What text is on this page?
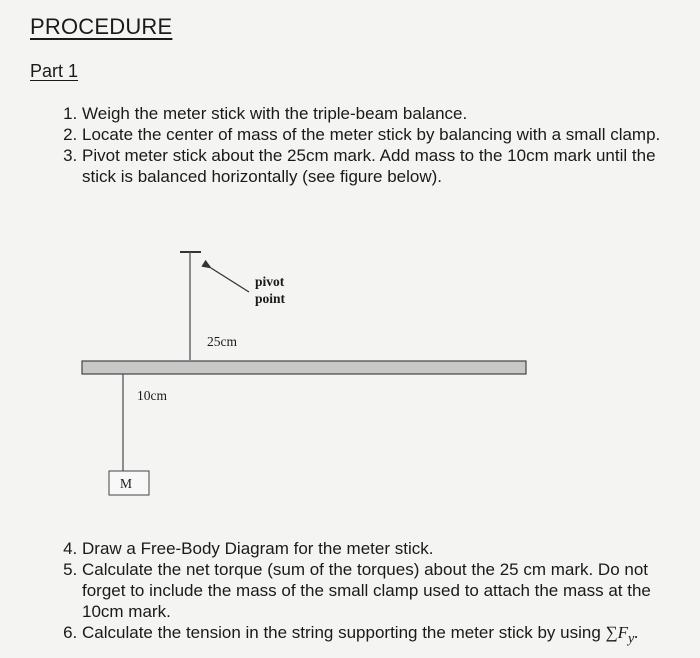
PROCEDURE
Part 1
1. Weigh the meter stick with the triple-beam balance.
2. Locate the center of mass of the meter stick by balancing with a small clamp.
3. Pivot meter stick about the 25cm mark. Add mass to the 10cm mark until the stick is balanced horizontally (see figure below).
pivot
point
25cm
10cm
M
4. Draw a Free-Body Diagram for the meter stick.
5. Calculate the net torque (sum of the torques) about the 25 cm mark. Do not forget to include the mass of the small clamp used to attach the mass at the 10cm mark.
6. Calculate the tension in the string supporting the meter stick by using $\sum F_y$.
